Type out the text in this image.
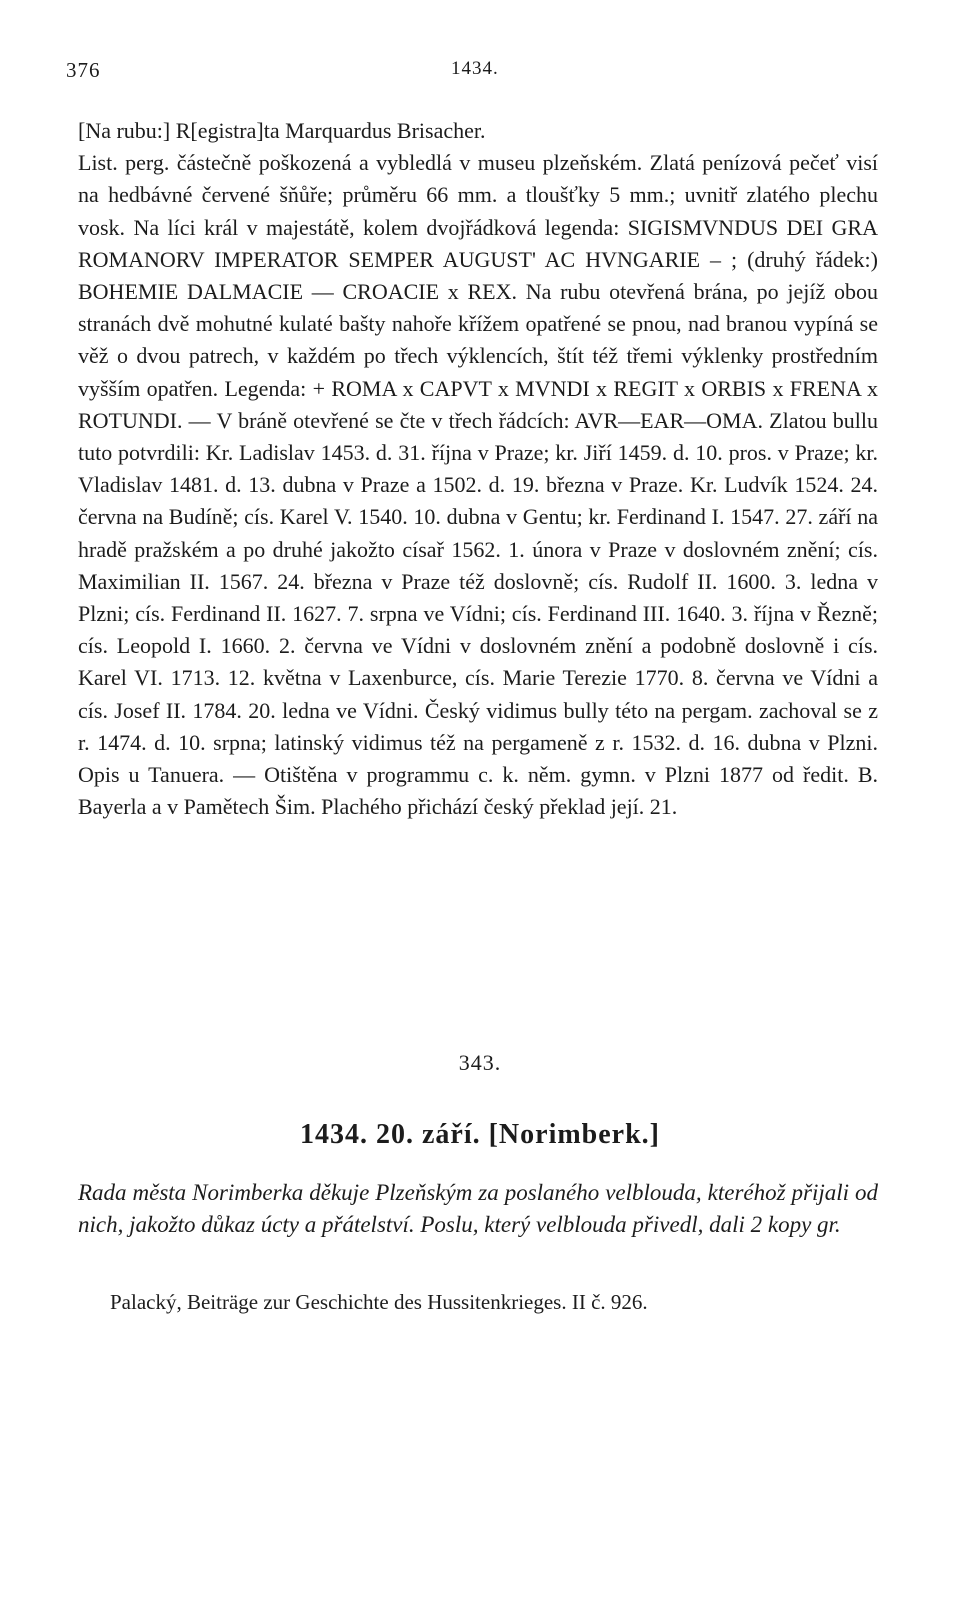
376	1434.

[Na rubu:] R[egistra]ta Marquardus Brisacher.

List. perg. částečně poškozená a vybledlá v museu plzeňském. Zlatá penízová pečeť visí na hedbávné červené šňůře; průměru 66 mm. a tloušťky 5 mm.; uvnitř zlatého plechu vosk. Na líci král v majestátě, kolem dvojřádková legenda: SIGISMVNDUS DEI GRA ROMANORV IMPERATOR SEMPER AUGUST' AC HVNGARIE – ; (druhý řádek:) BOHEMIE DALMACIE — CROACIE x REX. Na rubu otevřená brána, po jejíž obou stranách dvě mohutné kulaté bašty nahoře křížem opatřené se pnou, nad branou vypíná se věž o dvou patrech, v každém po třech výklencích, štít též třemi výklenky prostředním vyšším opatřen. Legenda: + ROMA x CAPVT x MVNDI x REGIT x ORBIS x FRENA x ROTUNDI. — V bráně otevřené se čte v třech řádcích: AVR—EAR—OMA. Zlatou bullu tuto potvrdili: Kr. Ladislav 1453. d. 31. října v Praze; kr. Jiří 1459. d. 10. pros. v Praze; kr. Vladislav 1481. d. 13. dubna v Praze a 1502. d. 19. března v Praze. Kr. Ludvík 1524. 24. června na Budíně; cís. Karel V. 1540. 10. dubna v Gentu; kr. Ferdinand I. 1547. 27. září na hradě pražském a po druhé jakožto císař 1562. 1. února v Praze v doslovném znění; cís. Maximilian II. 1567. 24. března v Praze též doslovně; cís. Rudolf II. 1600. 3. ledna v Plzni; cís. Ferdinand II. 1627. 7. srpna ve Vídni; cís. Ferdinand III. 1640. 3. října v Řezně; cís. Leopold I. 1660. 2. června ve Vídni v doslovném znění a podobně doslovně i cís. Karel VI. 1713. 12. května v Laxenburce, cís. Marie Terezie 1770. 8. června ve Vídni a cís. Josef II. 1784. 20. ledna ve Vídni. Český vidimus bully této na pergam. zachoval se z r. 1474. d. 10. srpna; latinský vidimus též na pergameně z r. 1532. d. 16. dubna v Plzni. Opis u Tanuera. — Otištěna v programmu c. k. něm. gymn. v Plzni 1877 od ředit. B. Bayerla a v Pamětech Šim. Plachého přichází český překlad její. 21.

343.
1434. 20. září. [Norimberk.]

Rada města Norimberka děkuje Plzeňským za poslaného velblouda, kteréhož přijali od nich, jakožto důkaz úcty a přátelství. Poslu, který velblouda přivedl, dali 2 kopy gr.

Palacký, Beiträge zur Geschichte des Hussitenkrieges. II č. 926.
